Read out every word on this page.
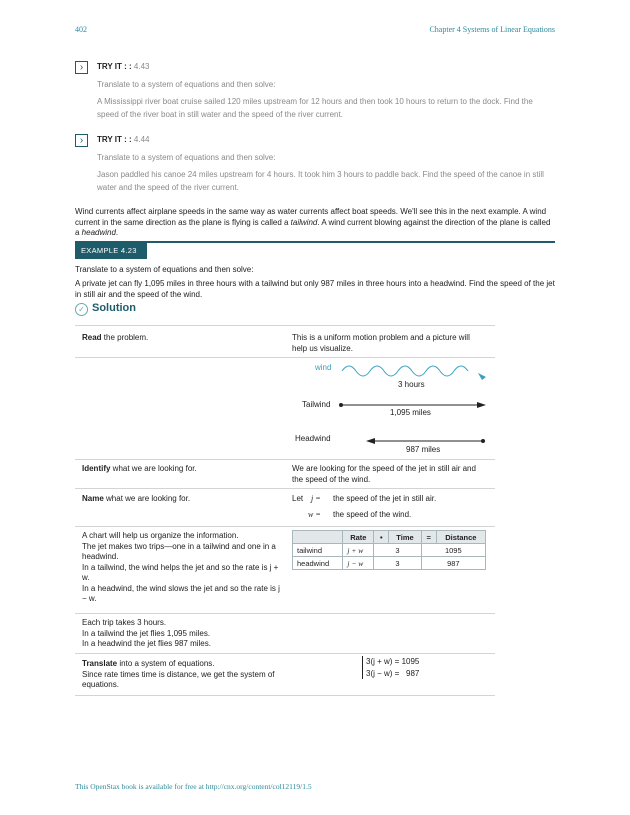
402	Chapter 4 Systems of Linear Equations
›	TRY IT : : 4.43
Translate to a system of equations and then solve:
A Mississippi river boat cruise sailed 120 miles upstream for 12 hours and then took 10 hours to return to the dock. Find the speed of the river boat in still water and the speed of the river current.
›	TRY IT : : 4.44
Translate to a system of equations and then solve:
Jason paddled his canoe 24 miles upstream for 4 hours. It took him 3 hours to paddle back. Find the speed of the canoe in still water and the speed of the river current.
Wind currents affect airplane speeds in the same way as water currents affect boat speeds. We'll see this in the next example. A wind current in the same direction as the plane is flying is called a tailwind. A wind current blowing against the direction of the plane is called a headwind.
EXAMPLE 4.23
Translate to a system of equations and then solve:
A private jet can fly 1,095 miles in three hours with a tailwind but only 987 miles in three hours into a headwind. Find the speed of the jet in still air and the speed of the wind.
✓ Solution
Read the problem.	This is a uniform motion problem and a picture will help us visualize.
wind
3 hours
Tailwind
1,095 miles
Headwind
987 miles
Identify what we are looking for.	We are looking for the speed of the jet in still air and the speed of the wind.
Name what we are looking for.	Let j = the speed of the jet in still air.
w = the speed of the wind.
A chart will help us organize the information.
The jet makes two trips—one in a tailwind and one in a headwind.
In a tailwind, the wind helps the jet and so the rate is j + w.
In a headwind, the wind slows the jet and so the rate is j − w.
	Rate	•	Time	=	Distance
tailwind	j + w	3		1095	
headwind	j − w	3		987	
Each trip takes 3 hours.
In a tailwind the jet flies 1,095 miles.
In a headwind the jet flies 987 miles.
Translate into a system of equations.
Since rate times time is distance, we get the system of equations.
3(j + w) = 1095
3(j − w) =   987
This OpenStax book is available for free at http://cnx.org/content/col12119/1.5
